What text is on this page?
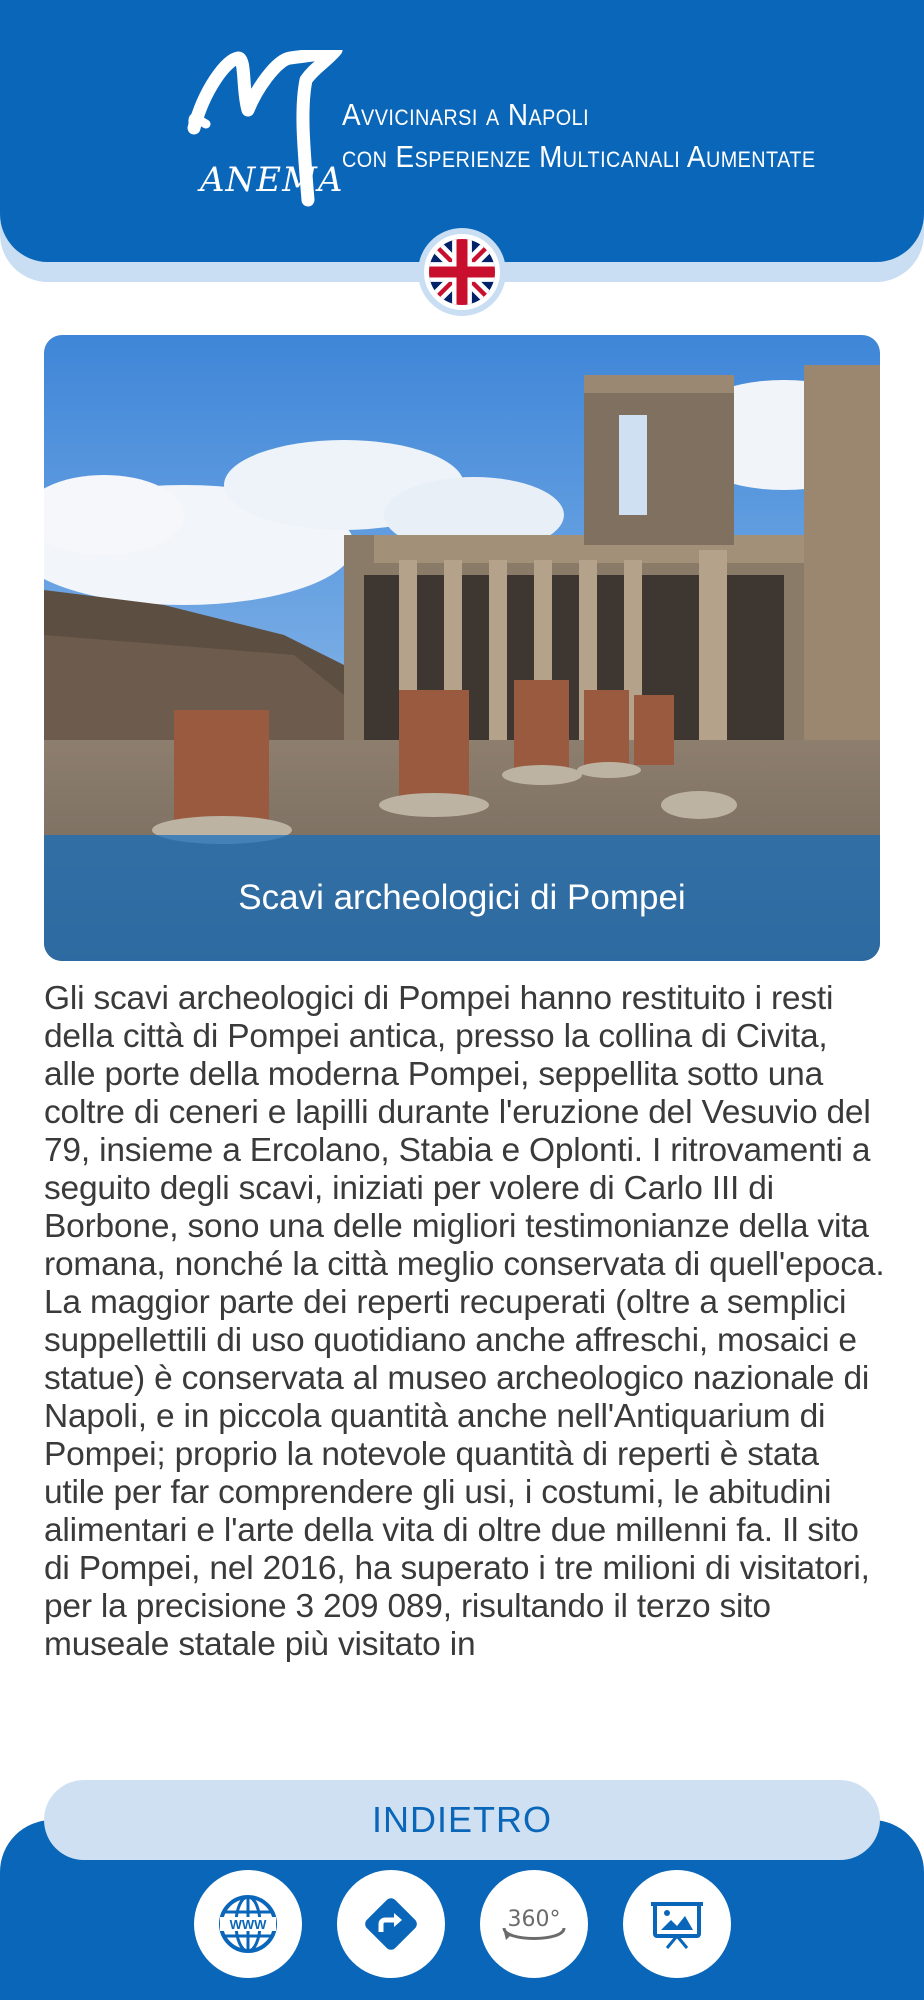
ANEMA
Avvicinarsi a Napoli
con Esperienze Multicanali Aumentate
Scavi archeologici di Pompei
Gli scavi archeologici di Pompei hanno restituito i resti della città di Pompei antica, presso la collina di Civita, alle porte della moderna Pompei, seppellita sotto una coltre di ceneri e lapilli durante l'eruzione del Vesuvio del 79, insieme a Ercolano, Stabia e Oplonti. I ritrovamenti a seguito degli scavi, iniziati per volere di Carlo III di Borbone, sono una delle migliori testimonianze della vita romana, nonché la città meglio conservata di quell'epoca. La maggior parte dei reperti recuperati (oltre a semplici suppellettili di uso quotidiano anche affreschi, mosaici e statue) è conservata al museo archeologico nazionale di Napoli, e in piccola quantità anche nell'Antiquarium di Pompei; proprio la notevole quantità di reperti è stata utile per far comprendere gli usi, i costumi, le abitudini alimentari e l'arte della vita di oltre due millenni fa. Il sito di Pompei, nel 2016, ha superato i tre milioni di visitatori, per la precisione 3 209 089, risultando il terzo sito museale statale più visitato in
INDIETRO
WWW	360°
